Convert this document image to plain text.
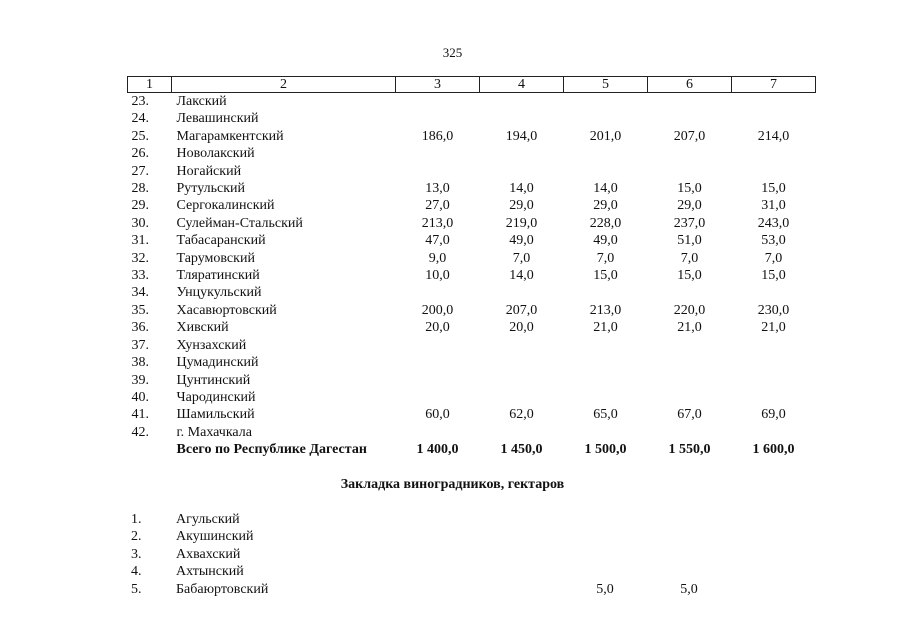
325
1	2	3	4	5	6	7
23.	Лакский					
24.	Левашинский					
25.	Магарамкентский	186,0	194,0	201,0	207,0	214,0
26.	Новолакский					
27.	Ногайский					
28.	Рутульский	13,0	14,0	14,0	15,0	15,0
29.	Сергокалинский	27,0	29,0	29,0	29,0	31,0
30.	Сулейман-Стальский	213,0	219,0	228,0	237,0	243,0
31.	Табасаранский	47,0	49,0	49,0	51,0	53,0
32.	Тарумовский	9,0	7,0	7,0	7,0	7,0
33.	Тляратинский	10,0	14,0	15,0	15,0	15,0
34.	Унцукульский					
35.	Хасавюртовский	200,0	207,0	213,0	220,0	230,0
36.	Хивский	20,0	20,0	21,0	21,0	21,0
37.	Хунзахский					
38.	Цумадинский					
39.	Цунтинский					
40.	Чародинский					
41.	Шамильский	60,0	62,0	65,0	67,0	69,0
42.	г. Махачкала					
	Всего по Республике Дагестан	1 400,0	1 450,0	1 500,0	1 550,0	1 600,0
Закладка виноградников, гектаров
1.	Агульский					
2.	Акушинский					
3.	Ахвахский					
4.	Ахтынский					
5.	Бабаюртовский			5,0	5,0	
